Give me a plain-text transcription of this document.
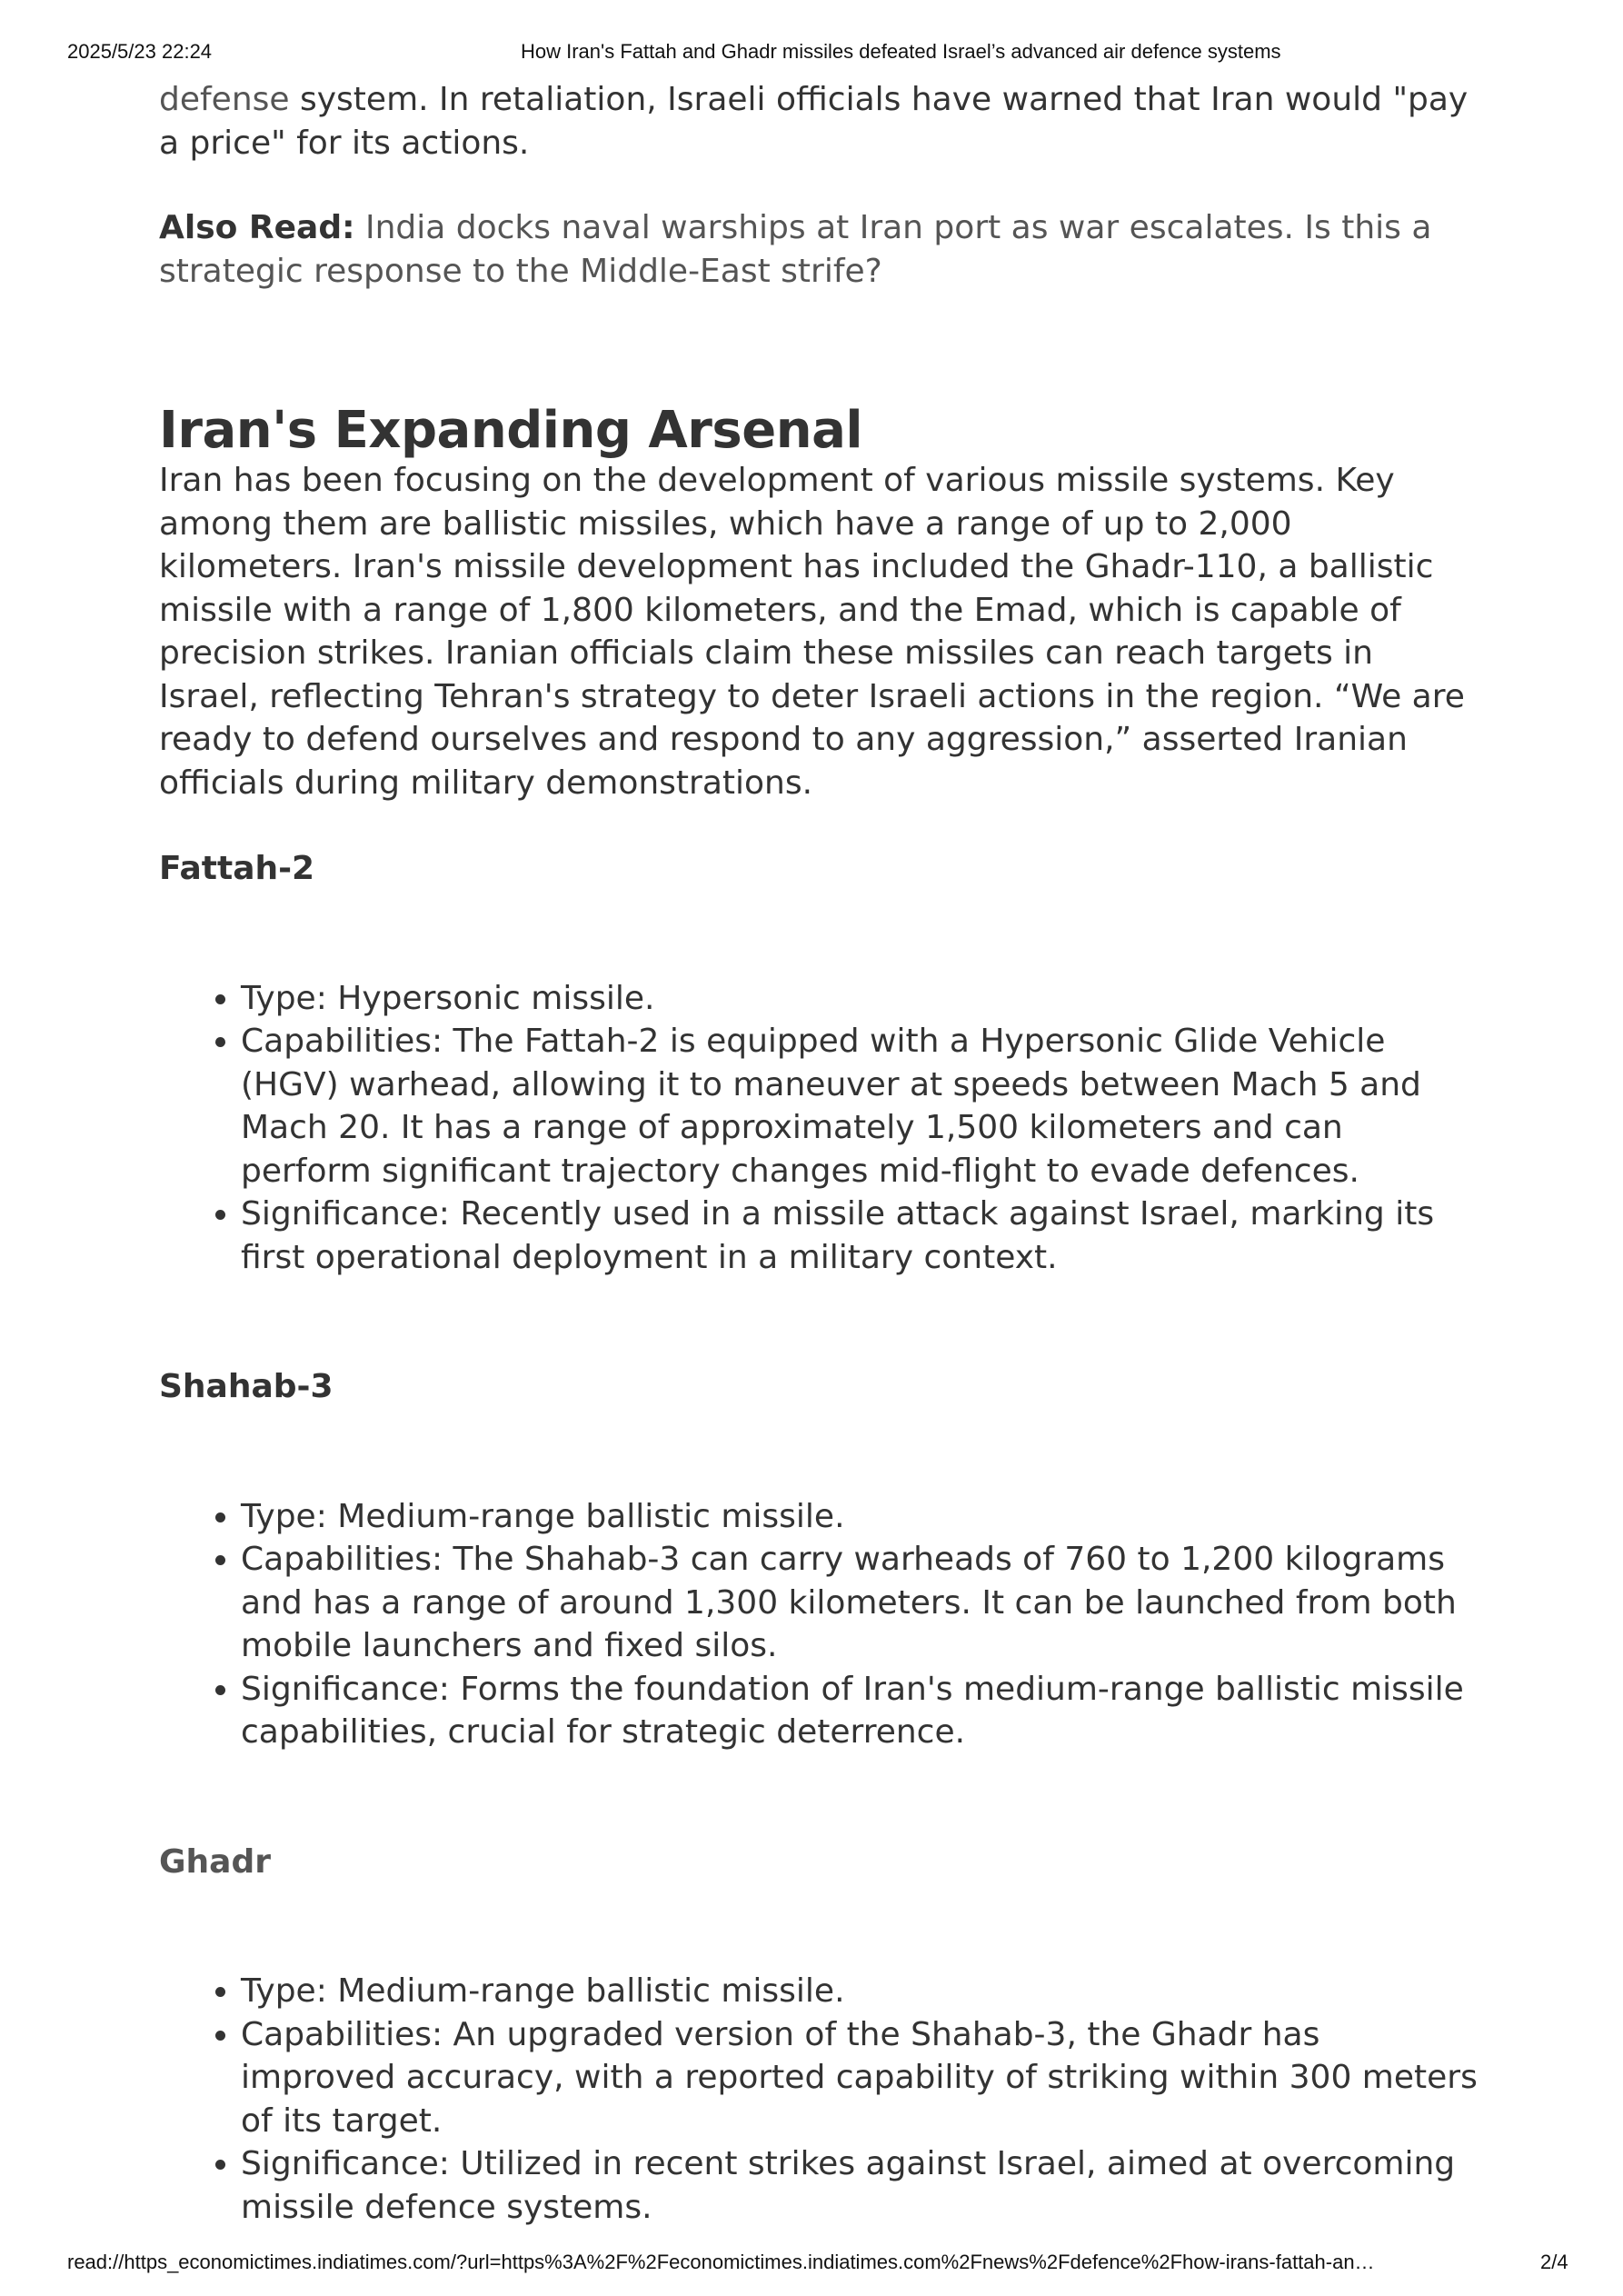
2025/5/23 22:24	How Iran's Fattah and Ghadr missiles defeated Israel’s advanced air defence systems

defense system. In retaliation, Israeli officials have warned that Iran would "pay a price" for its actions.

Also Read: India docks naval warships at Iran port as war escalates. Is this a strategic response to the Middle-East strife?

Iran's Expanding Arsenal

Iran has been focusing on the development of various missile systems. Key among them are ballistic missiles, which have a range of up to 2,000 kilometers. Iran's missile development has included the Ghadr-110, a ballistic missile with a range of 1,800 kilometers, and the Emad, which is capable of precision strikes. Iranian officials claim these missiles can reach targets in Israel, reflecting Tehran's strategy to deter Israeli actions in the region. “We are ready to defend ourselves and respond to any aggression,” asserted Iranian officials during military demonstrations.

Fattah-2
• Type: Hypersonic missile.
• Capabilities: The Fattah-2 is equipped with a Hypersonic Glide Vehicle (HGV) warhead, allowing it to maneuver at speeds between Mach 5 and Mach 20. It has a range of approximately 1,500 kilometers and can perform significant trajectory changes mid-flight to evade defences.
• Significance: Recently used in a missile attack against Israel, marking its first operational deployment in a military context.
Shahab-3
• Type: Medium-range ballistic missile.
• Capabilities: The Shahab-3 can carry warheads of 760 to 1,200 kilograms and has a range of around 1,300 kilometers. It can be launched from both mobile launchers and fixed silos.
• Significance: Forms the foundation of Iran's medium-range ballistic missile capabilities, crucial for strategic deterrence.
Ghadr
• Type: Medium-range ballistic missile.
• Capabilities: An upgraded version of the Shahab-3, the Ghadr has improved accuracy, with a reported capability of striking within 300 meters of its target.
• Significance: Utilized in recent strikes against Israel, aimed at overcoming missile defence systems.
read://https_economictimes.indiatimes.com/?url=https%3A%2F%2Feconomictimes.indiatimes.com%2Fnews%2Fdefence%2Fhow-irans-fattah-an…	2/4
